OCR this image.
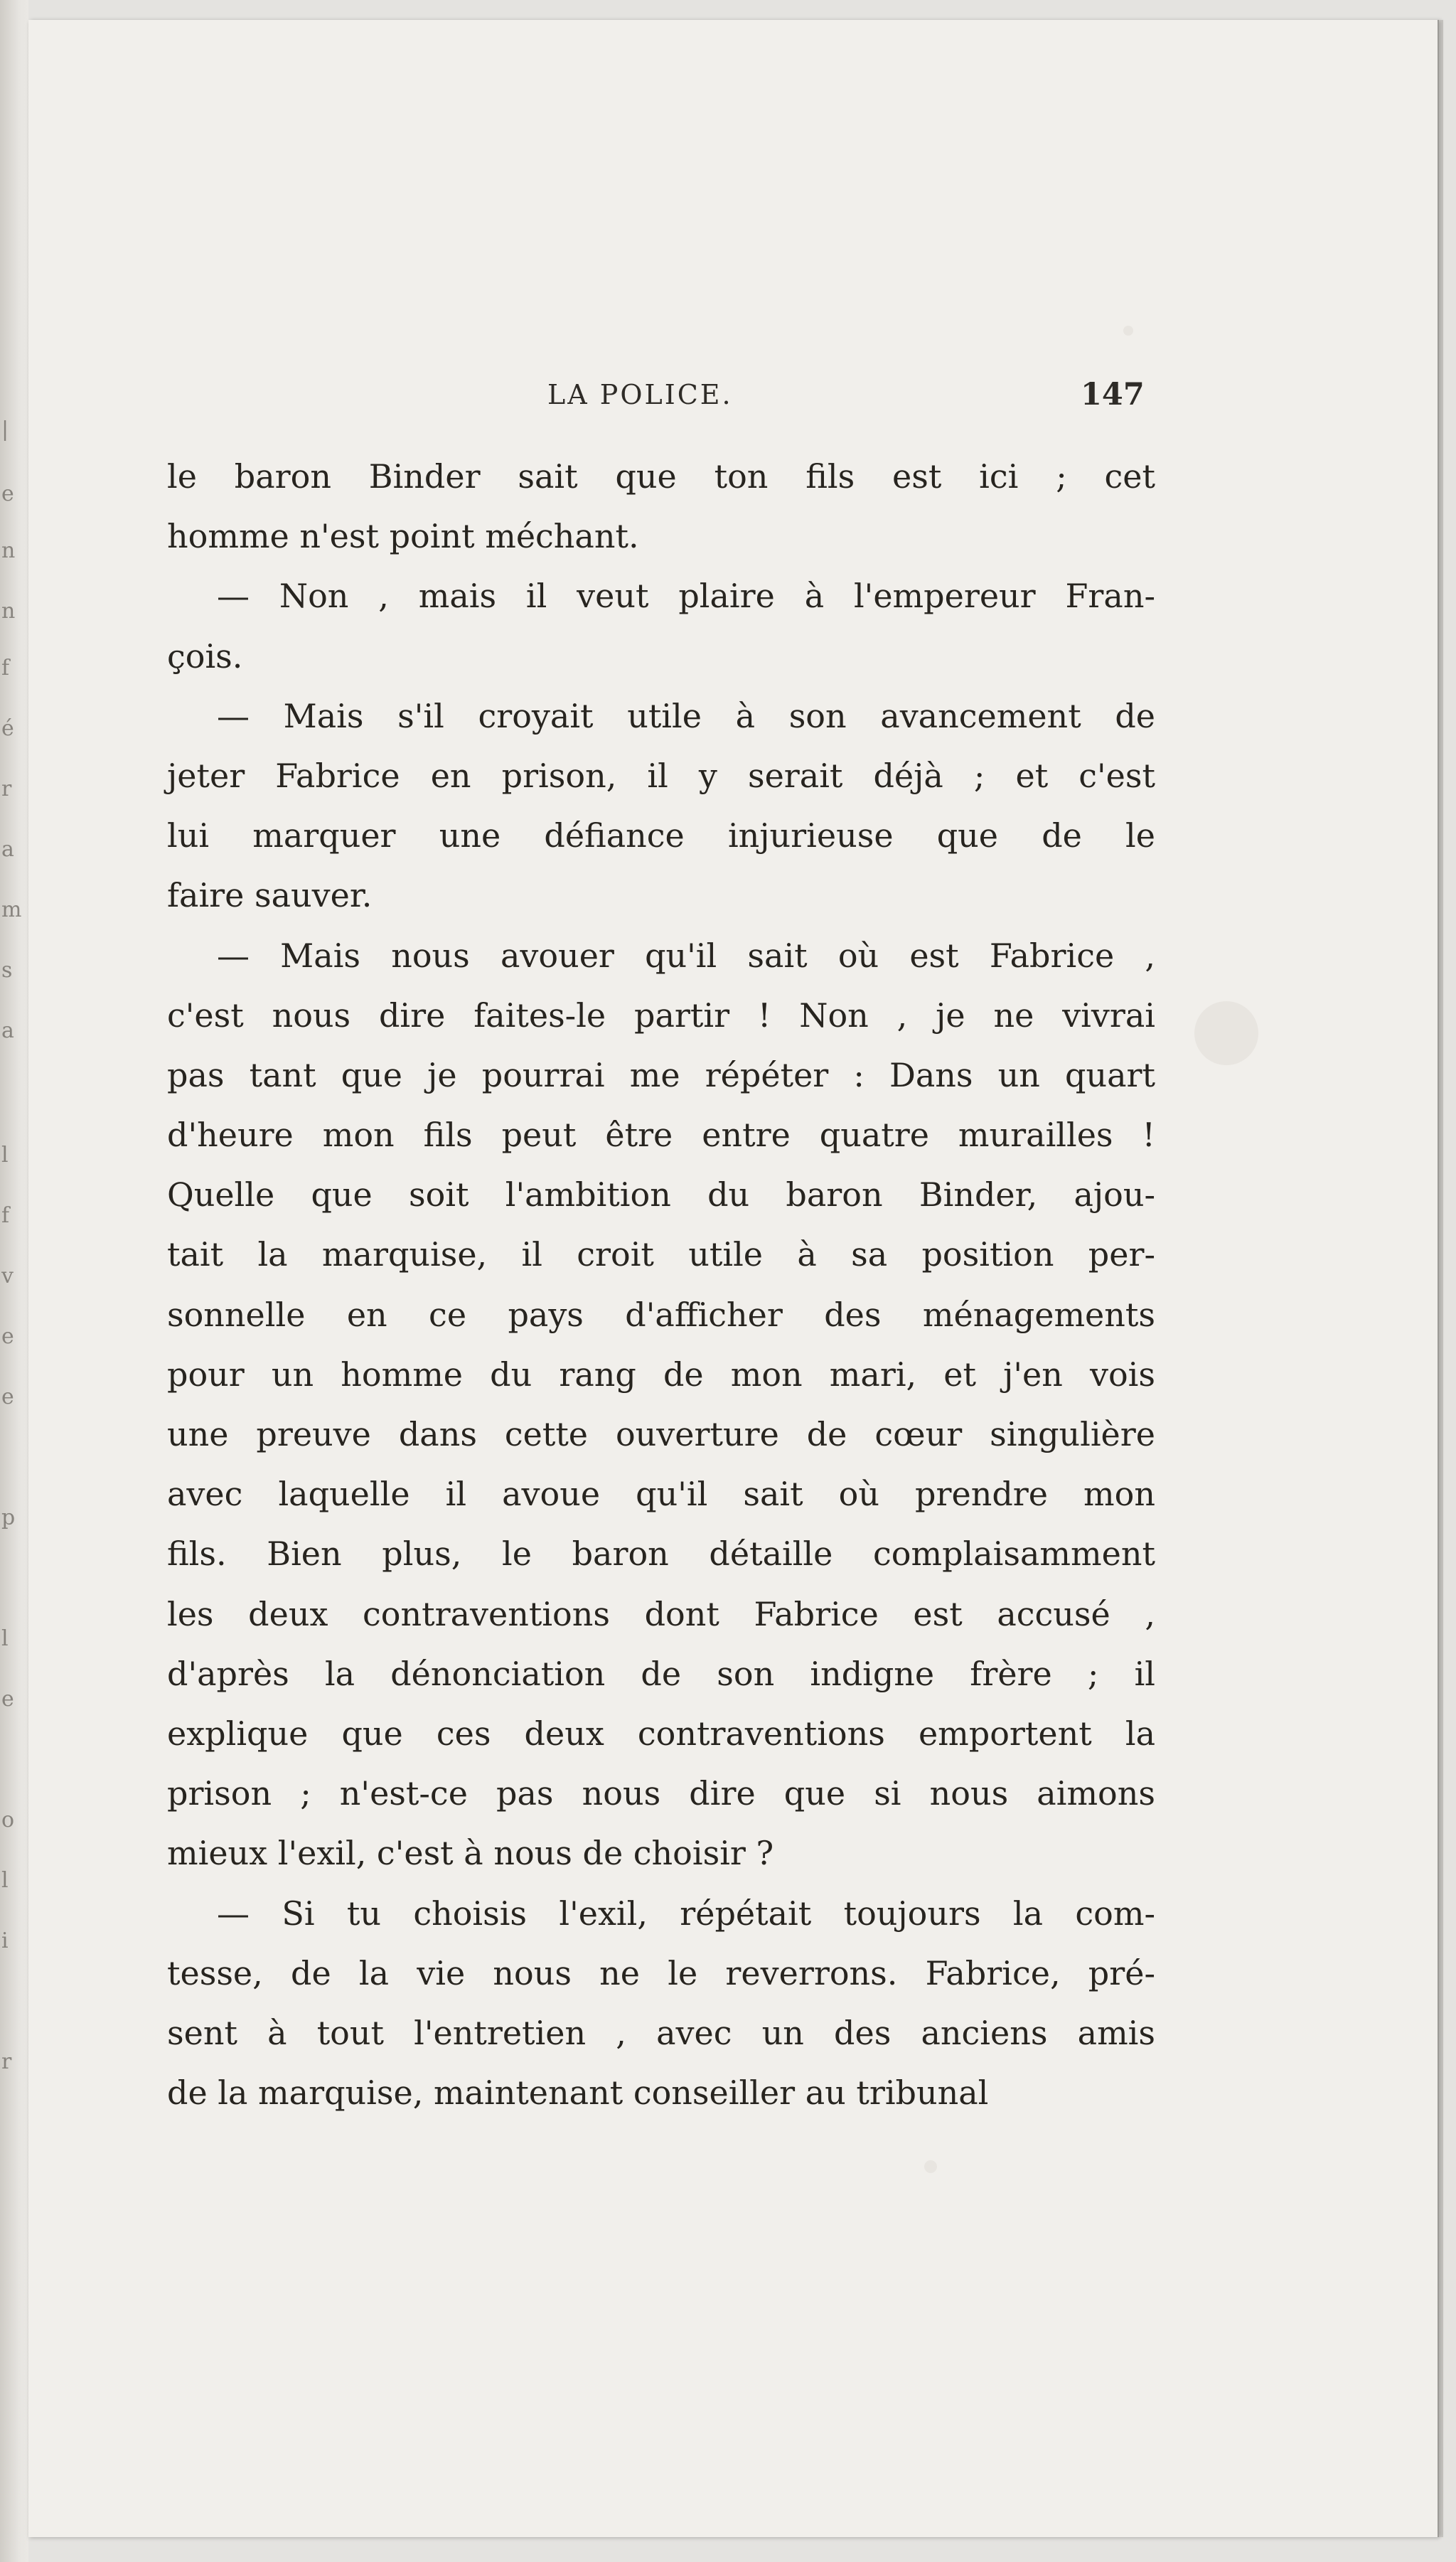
|
e
n
n
f
é
r
a
m
s
a
l
f
v
e
e
p
l
e
o
l
i
r
LA POLICE.	147
le baron Binder sait que ton fils est ici ; cet
homme n'est point méchant.
— Non , mais il veut plaire à l'empereur Fran-
çois.
— Mais s'il croyait utile à son avancement de
jeter Fabrice en prison, il y serait déjà ; et c'est
lui marquer une défiance injurieuse que de le
faire sauver.
— Mais nous avouer qu'il sait où est Fabrice ,
c'est nous dire faites-le partir ! Non , je ne vivrai
pas tant que je pourrai me répéter : Dans un quart
d'heure mon fils peut être entre quatre murailles !
Quelle que soit l'ambition du baron Binder, ajou-
tait la marquise, il croit utile à sa position per-
sonnelle en ce pays d'afficher des ménagements
pour un homme du rang de mon mari, et j'en vois
une preuve dans cette ouverture de cœur singulière
avec laquelle il avoue qu'il sait où prendre mon
fils. Bien plus, le baron détaille complaisamment
les deux contraventions dont Fabrice est accusé ,
d'après la dénonciation de son indigne frère ; il
explique que ces deux contraventions emportent la
prison ; n'est-ce pas nous dire que si nous aimons
mieux l'exil, c'est à nous de choisir ?
— Si tu choisis l'exil, répétait toujours la com-
tesse, de la vie nous ne le reverrons. Fabrice, pré-
sent à tout l'entretien , avec un des anciens amis
de la marquise, maintenant conseiller au tribunal
